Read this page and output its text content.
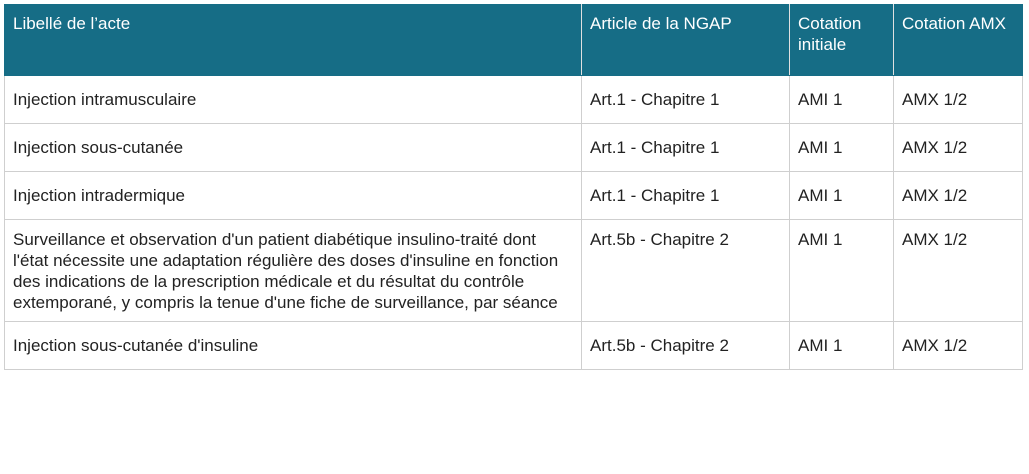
Libellé de l’acte	Article de la NGAP	Cotation initiale	Cotation AMX
Injection intramusculaire	Art.1 - Chapitre 1	AMI 1	AMX 1/2
Injection sous-cutanée	Art.1 - Chapitre 1	AMI 1	AMX 1/2
Injection intradermique	Art.1 - Chapitre 1	AMI 1	AMX 1/2
Surveillance et observation d'un patient diabétique insulino-traité dont l'état nécessite une adaptation régulière des doses d'insuline en fonction des indications de la prescription médicale et du résultat du contrôle extemporané, y compris la tenue d'une fiche de surveillance, par séance	Art.5b - Chapitre 2	AMI 1	AMX 1/2
Injection sous-cutanée d'insuline	Art.5b - Chapitre 2	AMI 1	AMX 1/2
